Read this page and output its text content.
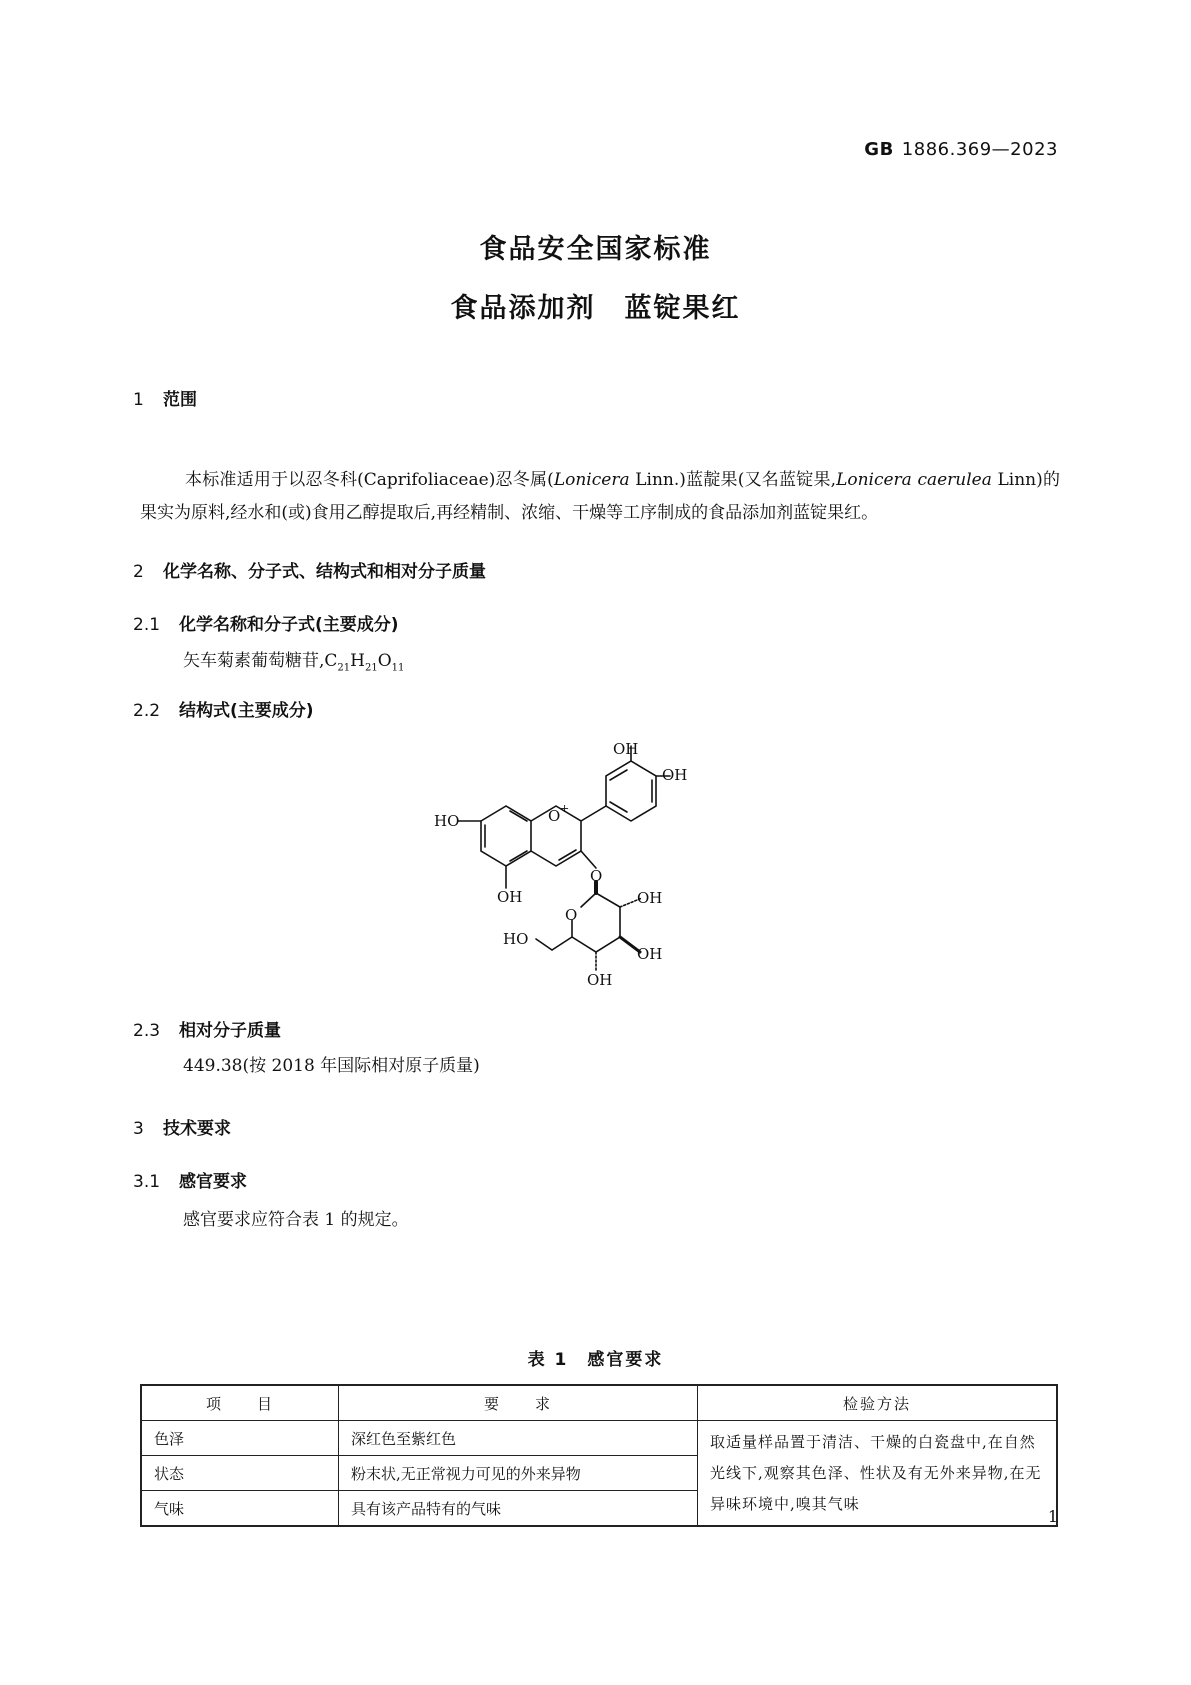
GB 1886.369—2023
食品安全国家标准
食品添加剂　蓝锭果红
1 范围
本标准适用于以忍冬科(Caprifoliaceae)忍冬属(Lonicera Linn.)蓝靛果(又名蓝锭果,Lonicera caerulea Linn)的果实为原料,经水和(或)食用乙醇提取后,再经精制、浓缩、干燥等工序制成的食品添加剂蓝锭果红。
2 化学名称、分子式、结构式和相对分子质量
2.1 化学名称和分子式(主要成分)
矢车菊素葡萄糖苷$,C_{21}H_{21}O_{11}$
2.2 结构式(主要成分)
OH
OH
HO	O +
OH
O
O
OH
OH
OH
HO
2.3 相对分子质量
449.38(按 2018 年国际相对原子质量)
3 技术要求
3.1 感官要求
感官要求应符合表 1 的规定。
表 1　感官要求
项　　目	要　　求	检验方法
色泽	深红色至紫红色	取适量样品置于清洁、干燥的白瓷盘中,在自然光线下,观察其色泽、性状及有无外来异物,在无异味环境中,嗅其气味
状态	粉末状,无正常视力可见的外来异物	
气味	具有该产品特有的气味		1
